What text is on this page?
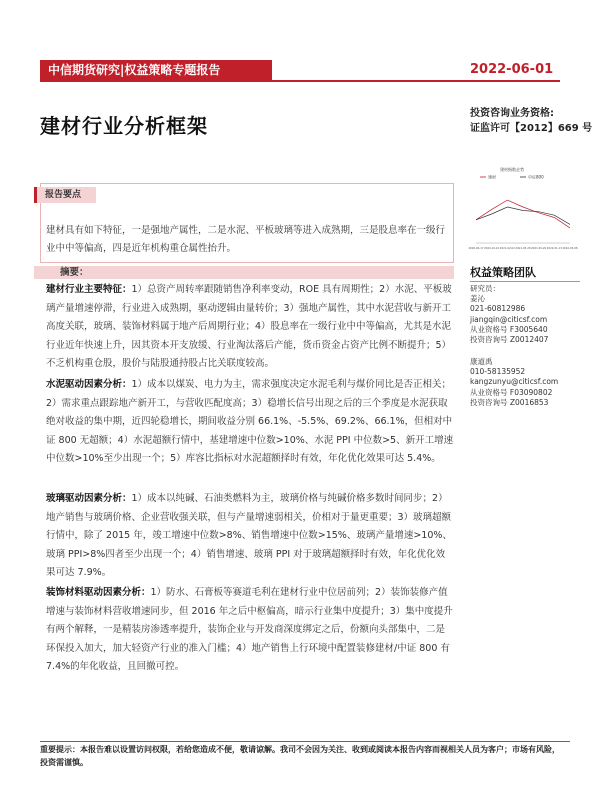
中信期货研究|权益策略专题报告	2022-06-01
建材行业分析框架
投资咨询业务资格:
证监许可【2012】669 号
报告要点

建材具有如下特征，一是强地产属性，二是水泥、平板玻璃等进入成熟期，三是股息率在一级行业中中等偏高，四是近年机构重仓属性抬升。

摘要：

建材行业主要特征：1）总资产周转率跟随销售净利率变动，ROE 具有周期性；2）水泥、平板玻璃产量增速停滞，行业进入成熟期，驱动逻辑由量转价；3）强地产属性，其中水泥营收与新开工高度关联，玻璃、装饰材料属于地产后周期行业；4）股息率在一级行业中中等偏高，尤其是水泥行业近年快速上升，因其资本开支放缓、行业淘汰落后产能，货币资金占资产比例不断提升；5）不乏机构重仓股，股价与陆股通持股占比关联度较高。

水泥驱动因素分析：1）成本以煤炭、电力为主，需求强度决定水泥毛利与煤价同比是否正相关；2）需求重点跟踪地产新开工，与营收匹配度高；3）稳增长信号出现之后的三个季度是水泥获取绝对收益的集中期，近四轮稳增长，期间收益分别 66.1%、-5.5%、69.2%、66.1%，但相对中证 800 无超额；4）水泥超额行情中，基建增速中位数>10%、水泥 PPI 中位数>5、新开工增速中位数>10%至少出现一个；5）库容比指标对水泥超额择时有效，年化优化效果可达 5.4%。

玻璃驱动因素分析：1）成本以纯碱、石油类燃料为主，玻璃价格与纯碱价格多数时间同步；2）地产销售与玻璃价格、企业营收强关联，但与产量增速弱相关，价相对于量更重要；3）玻璃超额行情中，除了 2015 年，竣工增速中位数>8%、销售增速中位数>15%、玻璃产量增速>10%、玻璃 PPI>8%四者至少出现一个；4）销售增速、玻璃 PPI 对于玻璃超额择时有效，年化优化效果可达 7.9%。

装饰材料驱动因素分析：1）防水、石膏板等赛道毛利在建材行业中位居前列；2）装饰装修产值增速与装饰材料营收增速同步，但 2016 年之后中枢偏高，暗示行业集中度提升；3）集中度提升有两个解释，一是精装房渗透率提升，装饰企业与开发商深度绑定之后，份额向头部集中，二是环保投入加大，加大轻资产行业的准入门槛；4）地产销售上行环境中配置装修建材/中证 800 有 7.4%的年化收益，且回撤可控。

建材指数走势
建材	中证800
2020-06-17 2020-10-10 2021-02-02 2021-05-28 2021-09-20 2022-01-13 2022-05-08
权益策略团队
研究员：
姜沁
021-60812986
jiangqin@citicsf.com
从业资格号 F3005640
投资咨询号 Z0012407
康道禹
010-58135952
kangzunyu@citicsf.com
从业资格号 F03090802
投资咨询号 Z0016853

重要提示：本报告难以设置访问权限，若给您造成不便，敬请谅解。我司不会因为关注、收到或阅读本报告内容而视相关人员为客户；市场有风险，投资需谨慎。
